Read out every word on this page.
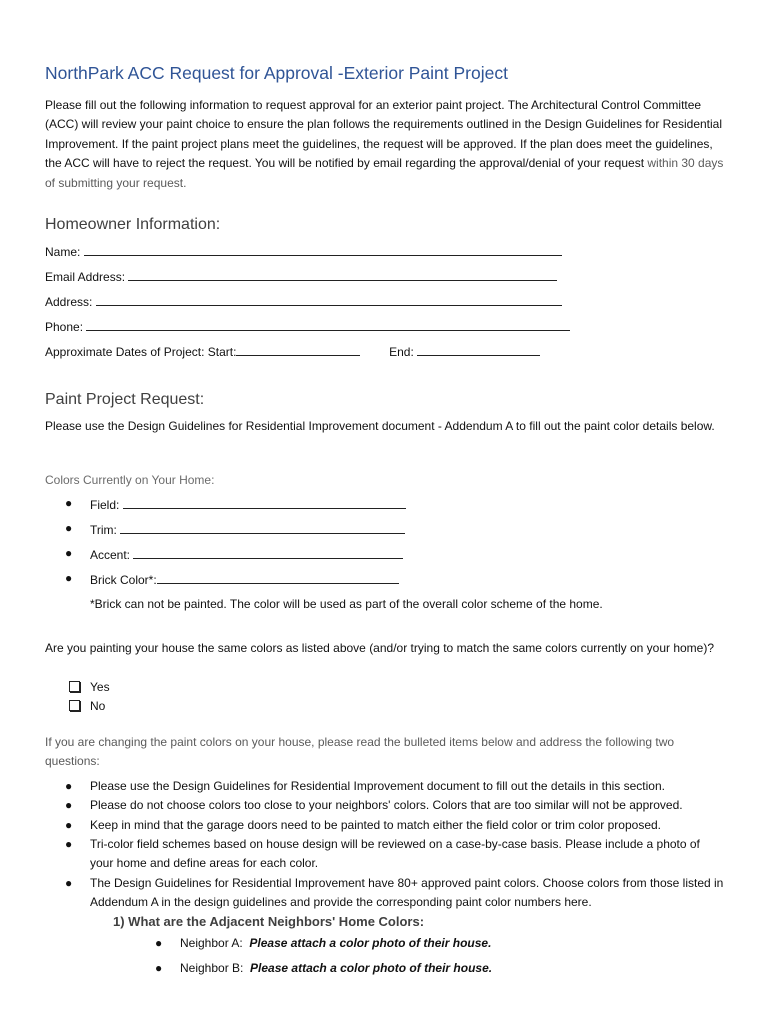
NorthPark ACC Request for Approval -Exterior Paint Project
Please fill out the following information to request approval for an exterior paint project. The Architectural Control Committee (ACC) will review your paint choice to ensure the plan follows the requirements outlined in the Design Guidelines for Residential Improvement. If the paint project plans meet the guidelines, the request will be approved. If the plan does meet the guidelines, the ACC will have to reject the request. You will be notified by email regarding the approval/denial of your request within 30 days of submitting your request.
Homeowner Information:
Name:
Email Address:
Address:
Phone:
Approximate Dates of Project: Start:	End:
Paint Project Request:
Please use the Design Guidelines for Residential Improvement document - Addendum A to fill out the paint color details below.
Colors Currently on Your Home:
● Field:
● Trim:
● Accent:
● Brick Color*:
*Brick can not be painted. The color will be used as part of the overall color scheme of the home.
Are you painting your house the same colors as listed above (and/or trying to match the same colors currently on your home)?
Yes
No
If you are changing the paint colors on your house, please read the bulleted items below and address the following two questions:
● Please use the Design Guidelines for Residential Improvement document to fill out the details in this section.
● Please do not choose colors too close to your neighbors' colors. Colors that are too similar will not be approved.
● Keep in mind that the garage doors need to be painted to match either the field color or trim color proposed.
● Tri-color field schemes based on house design will be reviewed on a case-by-case basis. Please include a photo of your home and define areas for each color.
● The Design Guidelines for Residential Improvement have 80+ approved paint colors. Choose colors from those listed in Addendum A in the design guidelines and provide the corresponding paint color numbers here.
1) What are the Adjacent Neighbors' Home Colors:
● Neighbor A: Please attach a color photo of their house.
● Neighbor B: Please attach a color photo of their house.
